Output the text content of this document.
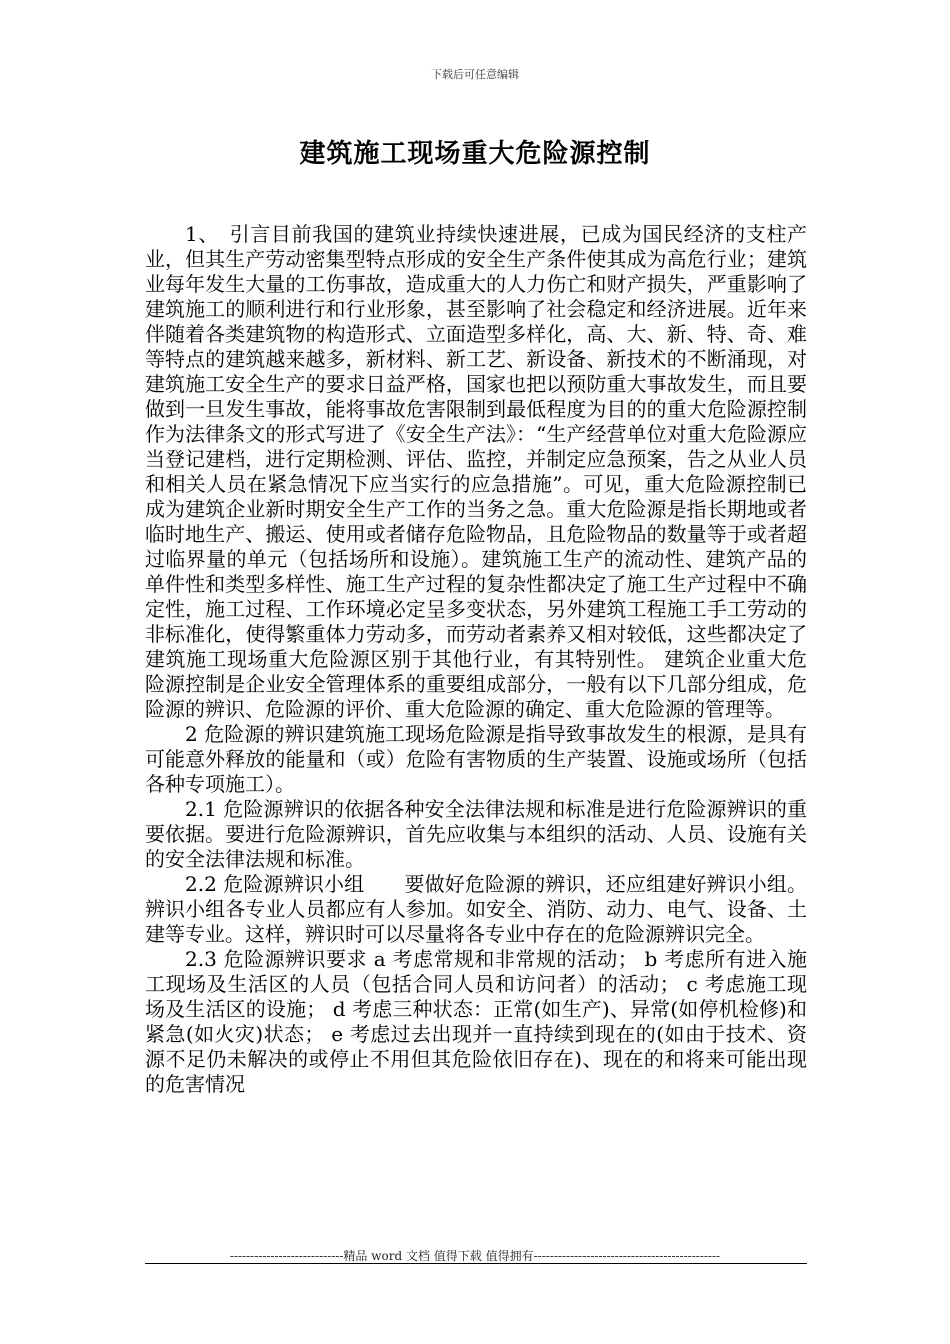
下载后可任意编辑
建筑施工现场重大危险源控制

1、　引言目前我国的建筑业持续快速进展，已成为国民经济的支柱产业，但其生产劳动密集型特点形成的安全生产条件使其成为高危行业；建筑业每年发生大量的工伤事故，造成重大的人力伤亡和财产损失，严重影响了建筑施工的顺利进行和行业形象，甚至影响了社会稳定和经济进展。近年来伴随着各类建筑物的构造形式、立面造型多样化，高、大、新、特、奇、难等特点的建筑越来越多，新材料、新工艺、新设备、新技术的不断涌现，对建筑施工安全生产的要求日益严格，国家也把以预防重大事故发生，而且要做到一旦发生事故，能将事故危害限制到最低程度为目的的重大危险源控制作为法律条文的形式写进了《安全生产法》：“生产经营单位对重大危险源应当登记建档，进行定期检测、评估、监控，并制定应急预案，告之从业人员和相关人员在紧急情况下应当实行的应急措施”。可见，重大危险源控制已成为建筑企业新时期安全生产工作的当务之急。重大危险源是指长期地或者临时地生产、搬运、使用或者储存危险物品，且危险物品的数量等于或者超过临界量的单元（包括场所和设施）。建筑施工生产的流动性、建筑产品的单件性和类型多样性、施工生产过程的复杂性都决定了施工生产过程中不确定性，施工过程、工作环境必定呈多变状态，另外建筑工程施工手工劳动的非标准化，使得繁重体力劳动多，而劳动者素养又相对较低，这些都决定了建筑施工现场重大危险源区别于其他行业，有其特别性。 建筑企业重大危险源控制是企业安全管理体系的重要组成部分，一般有以下几部分组成，危险源的辨识、危险源的评价、重大危险源的确定、重大危险源的管理等。

2 危险源的辨识建筑施工现场危险源是指导致事故发生的根源，是具有可能意外释放的能量和（或）危险有害物质的生产装置、设施或场所（包括各种专项施工）。

2.1 危险源辨识的依据各种安全法律法规和标准是进行危险源辨识的重要依据。要进行危险源辨识，首先应收集与本组织的活动、人员、设施有关的安全法律法规和标准。

2.2 危险源辨识小组　　要做好危险源的辨识，还应组建好辨识小组。辨识小组各专业人员都应有人参加。如安全、消防、动力、电气、设备、土建等专业。这样，辨识时可以尽量将各专业中存在的危险源辨识完全。

2.3 危险源辨识要求 a 考虑常规和非常规的活动； b 考虑所有进入施工现场及生活区的人员（包括合同人员和访问者）的活动； c 考虑施工现场及生活区的设施； d 考虑三种状态：正常(如生产)、异常(如停机检修)和紧急(如火灾)状态； e 考虑过去出现并一直持续到现在的(如由于技术、资源不足仍未解决的或停止不用但其危险依旧存在)、现在的和将来可能出现的危害情况

----------------------------精品 word 文档 值得下载 值得拥有----------------------------------------------
